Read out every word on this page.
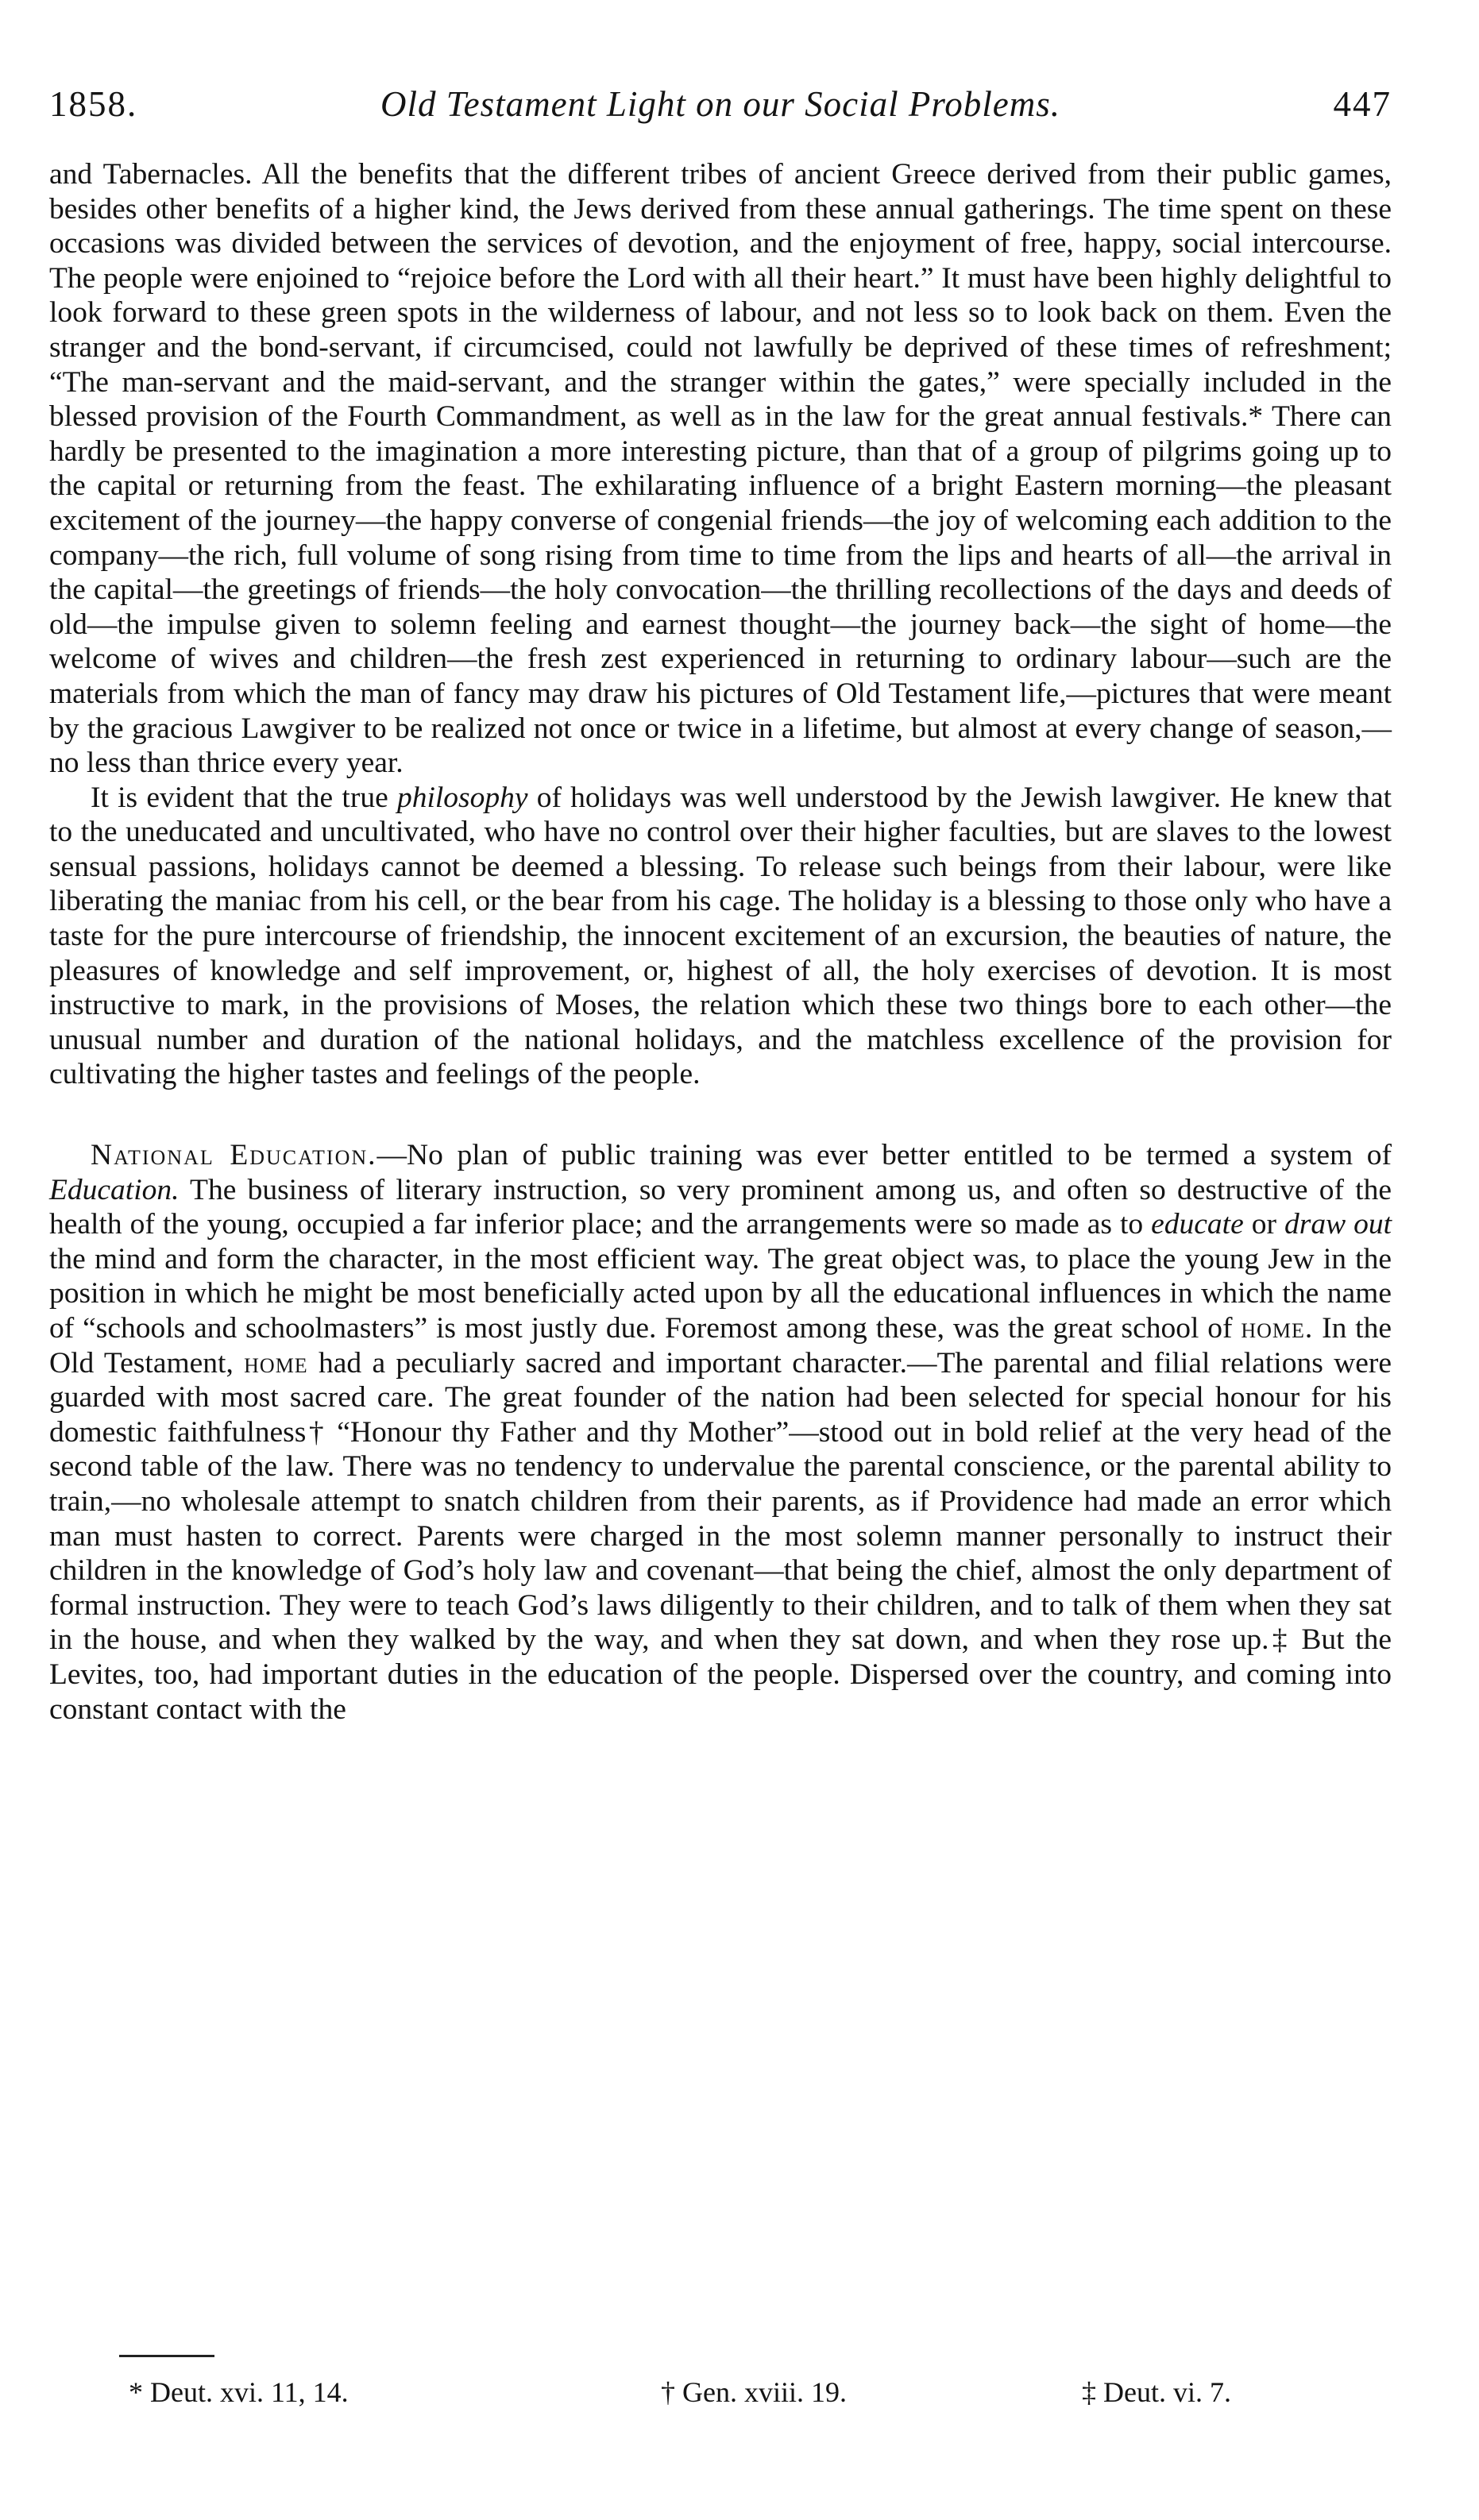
1858.	Old Testament Light on our Social Problems.	447

and Tabernacles. All the benefits that the different tribes of ancient Greece derived from their public games, besides other benefits of a higher kind, the Jews derived from these annual gatherings. The time spent on these occasions was divided between the services of devotion, and the enjoyment of free, happy, social intercourse. The people were enjoined to “rejoice before the Lord with all their heart.” It must have been highly delightful to look forward to these green spots in the wilderness of labour, and not less so to look back on them. Even the stranger and the bond-servant, if circumcised, could not lawfully be deprived of these times of refreshment; “The man-servant and the maid-servant, and the stranger within the gates,” were specially included in the blessed provision of the Fourth Commandment, as well as in the law for the great annual festivals.* There can hardly be presented to the imagination a more interesting picture, than that of a group of pilgrims going up to the capital or returning from the feast. The exhilarating influence of a bright Eastern morning—the pleasant excitement of the journey—the happy converse of congenial friends—the joy of welcoming each addition to the company—the rich, full volume of song rising from time to time from the lips and hearts of all—the arrival in the capital—the greetings of friends—the holy convocation—the thrilling recollections of the days and deeds of old—the impulse given to solemn feeling and earnest thought—the journey back—the sight of home—the welcome of wives and children—the fresh zest experienced in returning to ordinary labour—such are the materials from which the man of fancy may draw his pictures of Old Testament life,—pictures that were meant by the gracious Lawgiver to be realized not once or twice in a lifetime, but almost at every change of season,—no less than thrice every year.

It is evident that the true philosophy of holidays was well understood by the Jewish lawgiver. He knew that to the uneducated and uncultivated, who have no control over their higher faculties, but are slaves to the lowest sensual passions, holidays cannot be deemed a blessing. To release such beings from their labour, were like liberating the maniac from his cell, or the bear from his cage. The holiday is a blessing to those only who have a taste for the pure intercourse of friendship, the innocent excitement of an excursion, the beauties of nature, the pleasures of knowledge and self improvement, or, highest of all, the holy exercises of devotion. It is most instructive to mark, in the provisions of Moses, the relation which these two things bore to each other—the unusual number and duration of the national holidays, and the matchless excellence of the provision for cultivating the higher tastes and feelings of the people.

National Education.—No plan of public training was ever better entitled to be termed a system of Education. The business of literary instruction, so very prominent among us, and often so destructive of the health of the young, occupied a far inferior place; and the arrangements were so made as to educate or draw out the mind and form the character, in the most efficient way. The great object was, to place the young Jew in the position in which he might be most beneficially acted upon by all the educational influences in which the name of “schools and schoolmasters” is most justly due. Foremost among these, was the great school of home. In the Old Testament, home had a peculiarly sacred and important character.—The parental and filial relations were guarded with most sacred care. The great founder of the nation had been selected for special honour for his domestic faithfulness† “Honour thy Father and thy Mother”—stood out in bold relief at the very head of the second table of the law. There was no tendency to undervalue the parental conscience, or the parental ability to train,—no wholesale attempt to snatch children from their parents, as if Providence had made an error which man must hasten to correct. Parents were charged in the most solemn manner personally to instruct their children in the knowledge of God’s holy law and covenant—that being the chief, almost the only department of formal instruction. They were to teach God’s laws diligently to their children, and to talk of them when they sat in the house, and when they walked by the way, and when they sat down, and when they rose up.‡ But the Levites, too, had important duties in the education of the people. Dispersed over the country, and coming into constant contact with the

* Deut. xvi. 11, 14.	† Gen. xviii. 19.	‡ Deut. vi. 7.
